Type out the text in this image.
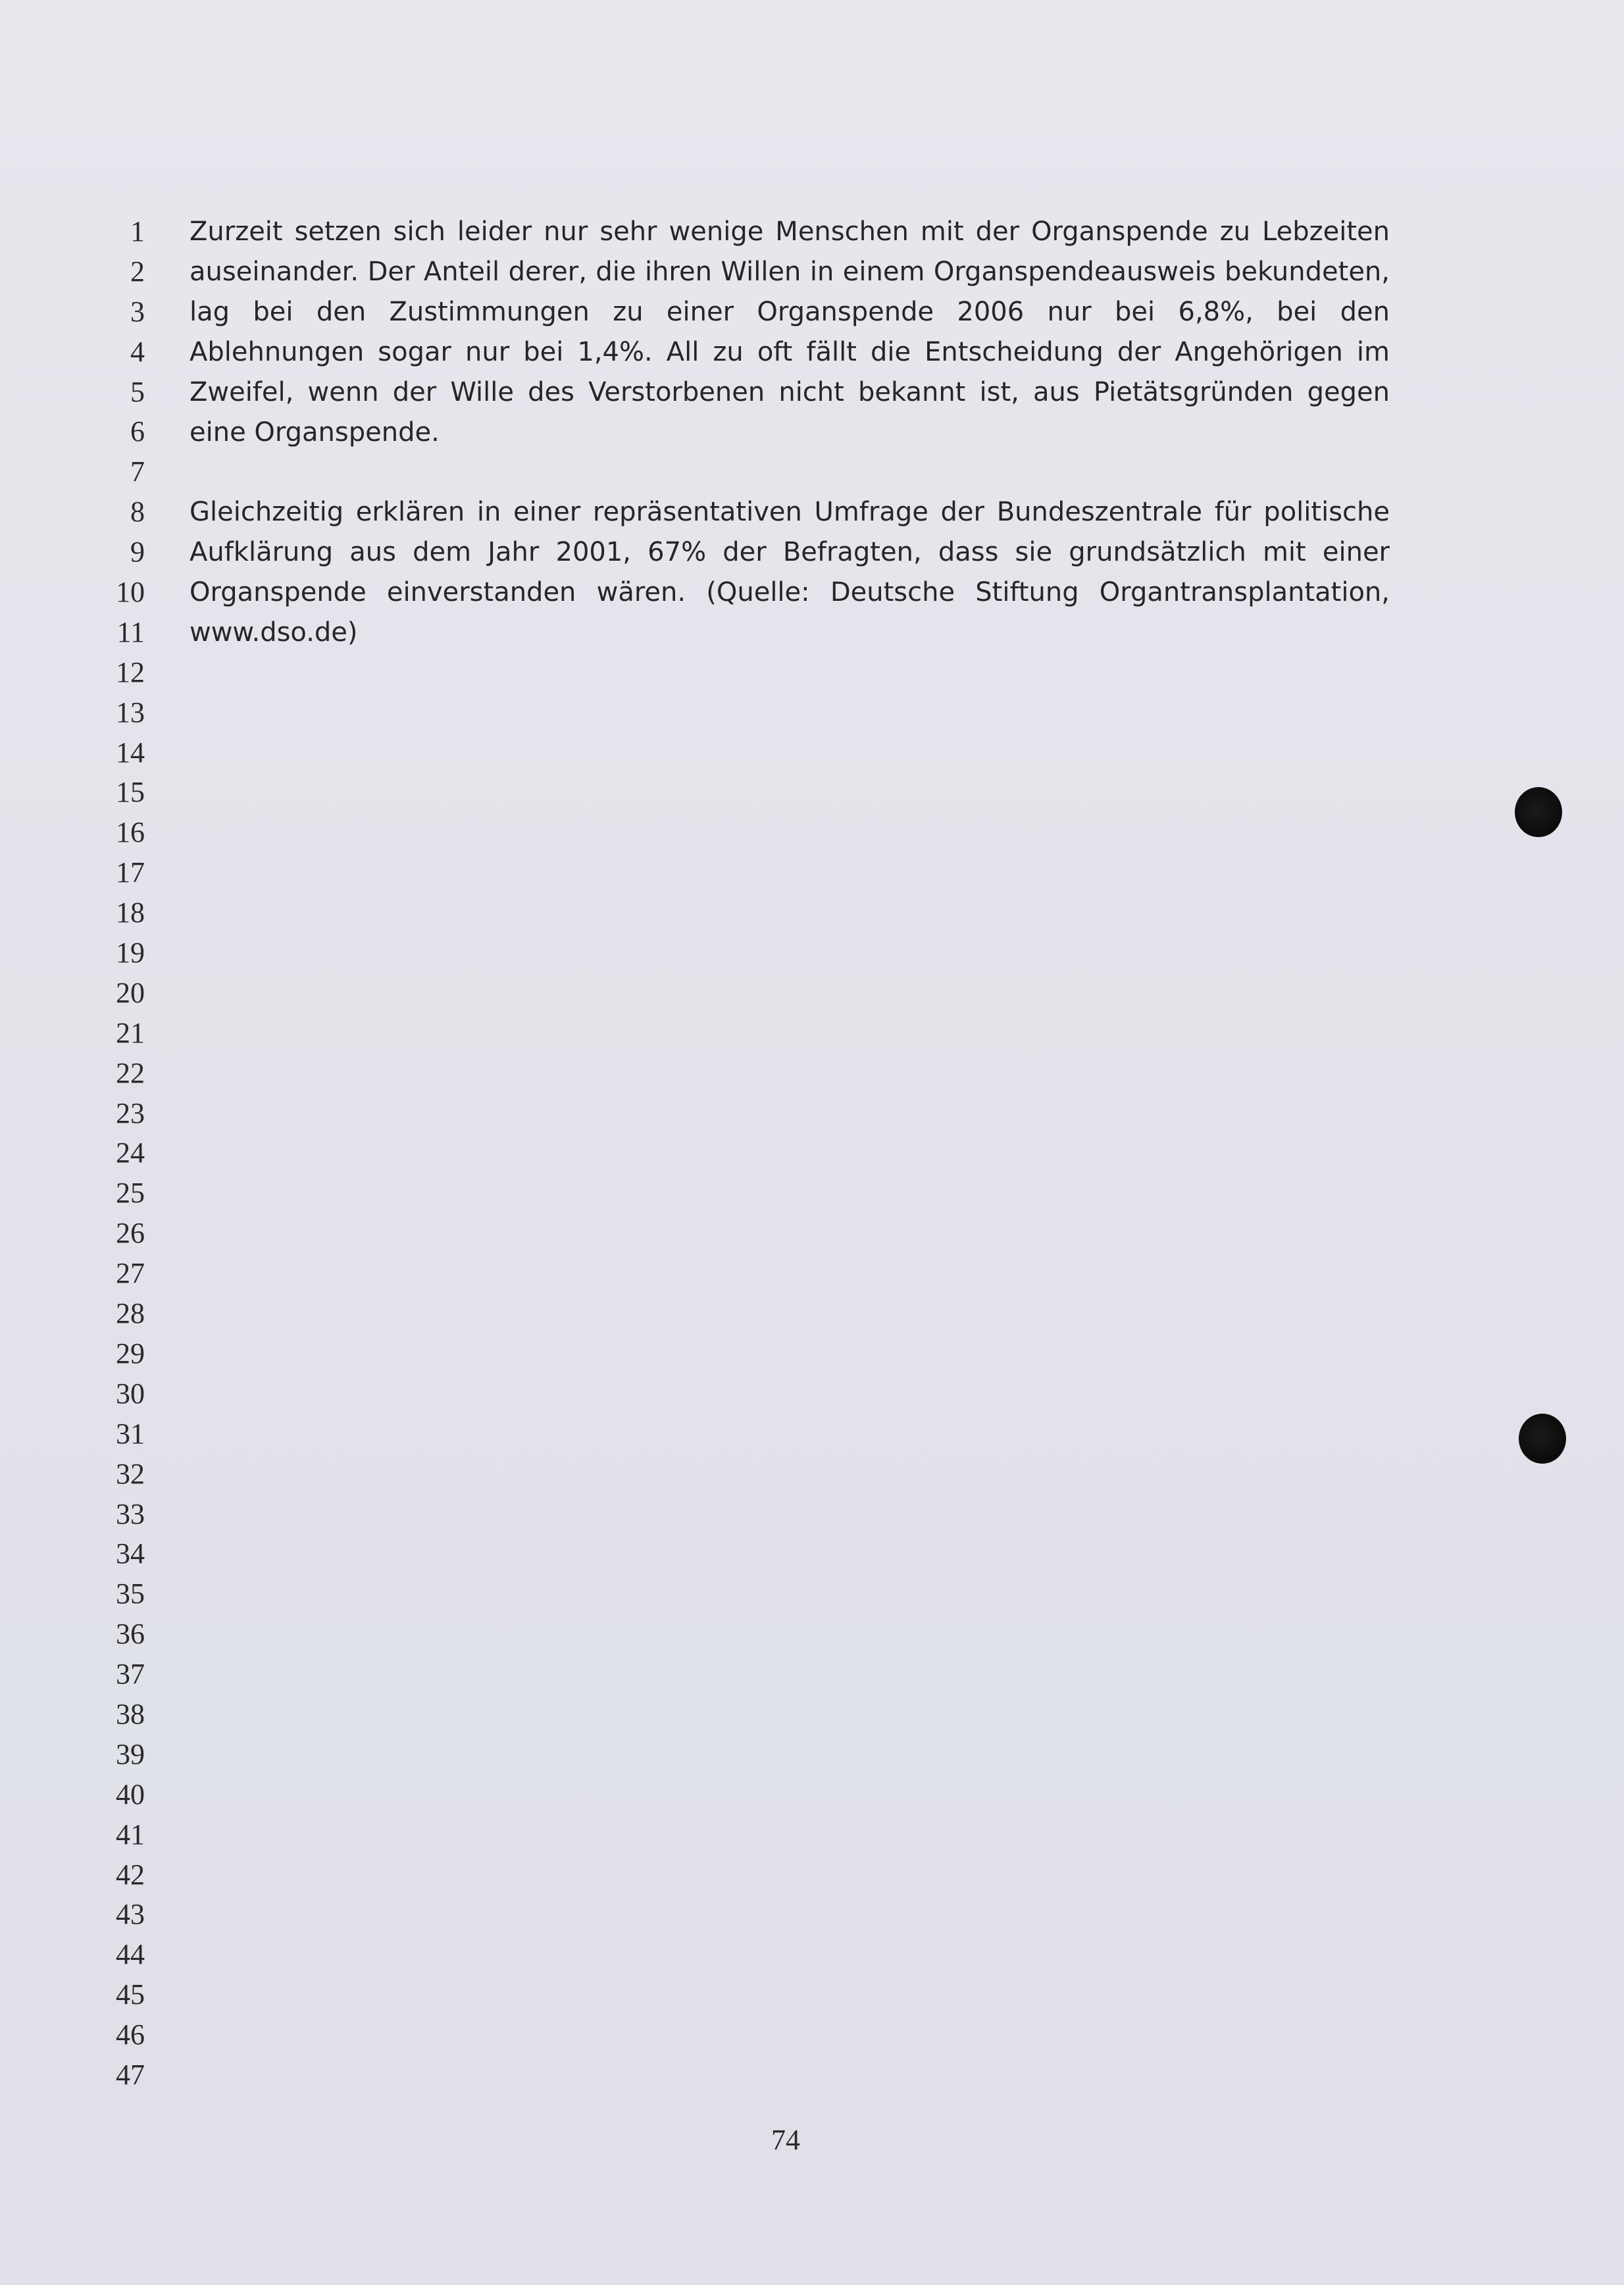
1
2
3
4
5
6
7
8
9
10
11
12
13
14
15
16
17
18
19
20
21
22
23
24
25
26
27
28
29
30
31
32
33
34
35
36
37
38
39
40
41
42
43
44
45
46
47

Zurzeit setzen sich leider nur sehr wenige Menschen mit der Organspende zu Lebzeiten auseinander. Der Anteil derer, die ihren Willen in einem Organspendeausweis bekundeten, lag bei den Zustimmungen zu einer Organspende 2006 nur bei 6,8%, bei den Ablehnungen sogar nur bei 1,4%. All zu oft fällt die Entscheidung der Angehörigen im Zweifel, wenn der Wille des Verstorbenen nicht bekannt ist, aus Pietätsgründen gegen eine Organspende.

Gleichzeitig erklären in einer repräsentativen Umfrage der Bundeszentrale für politische Aufklärung aus dem Jahr 2001, 67% der Befragten, dass sie grundsätzlich mit einer Organspende einverstanden wären. (Quelle: Deutsche Stiftung Organtransplantation, www.dso.de)

74
